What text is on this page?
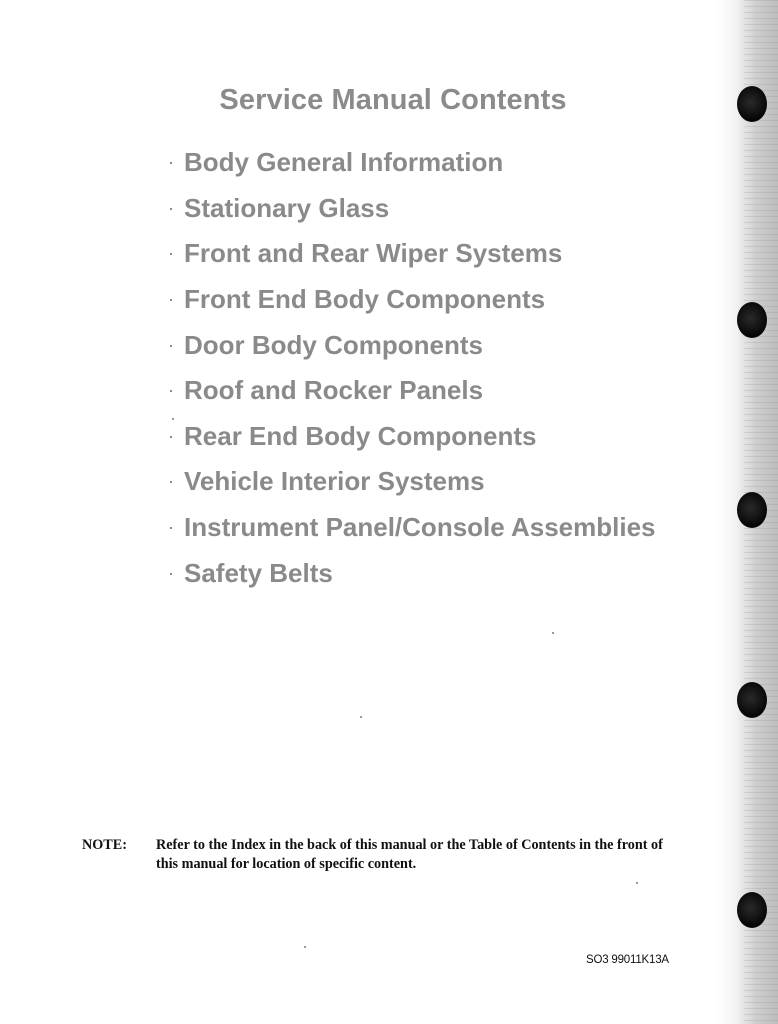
Service Manual Contents
· Body General Information
· Stationary Glass
· Front and Rear Wiper Systems
· Front End Body Components
· Door Body Components
· Roof and Rocker Panels
· Rear End Body Components
· Vehicle Interior Systems
· Instrument Panel/Console Assemblies
· Safety Belts
NOTE: Refer to the Index in the back of this manual or the Table of Contents in the front of this manual for location of specific content.
SO3 99011K13A
